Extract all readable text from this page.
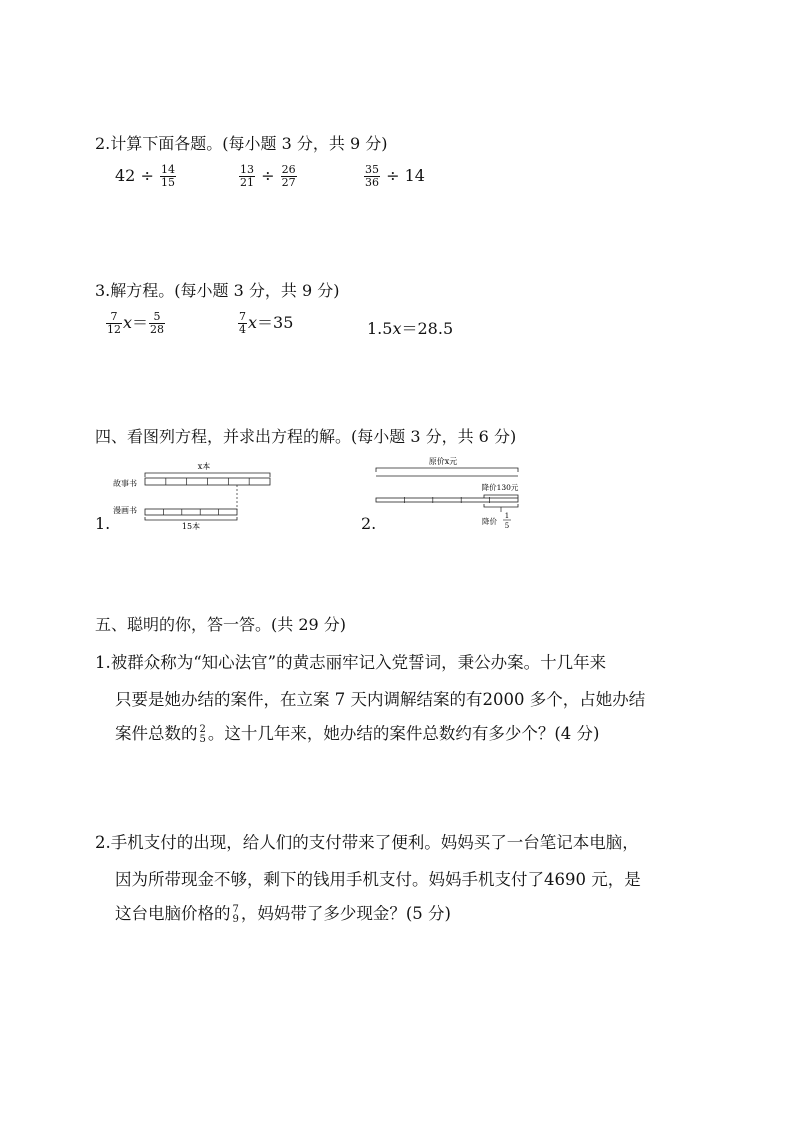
2.计算下面各题。(每小题 3 分，共 9 分)
$42 \div \frac{14}{15}$	$\frac{13}{21} \div \frac{26}{27}$	$\frac{35}{36} \div 14$
3.解方程。(每小题 3 分，共 9 分)
$\frac{7}{12} x= \frac{5}{28}$	$\frac{7}{4} x=35$	1.5x＝28.5
四、看图列方程，并求出方程的解。(每小题 3 分，共 6 分)
1.
x本
故事书
漫画书
15本	2.
原价x元
降价130元
降价
1
5
五、聪明的你，答一答。(共 29 分)
1.被群众称为“知心法官”的黄志丽牢记入党誓词，秉公办案。十几年来
只要是她办结的案件，在立案 7 天内调解结案的有2000 多个，占她办结
案件总数的 2
5 。这十几年来，她办结的案件总数约有多少个？(4 分)
2.手机支付的出现，给人们的支付带来了便利。妈妈买了一台笔记本电脑，
因为所带现金不够，剩下的钱用手机支付。妈妈手机支付了4690 元，是
这台电脑价格的 7
9 ，妈妈带了多少现金？(5 分)
